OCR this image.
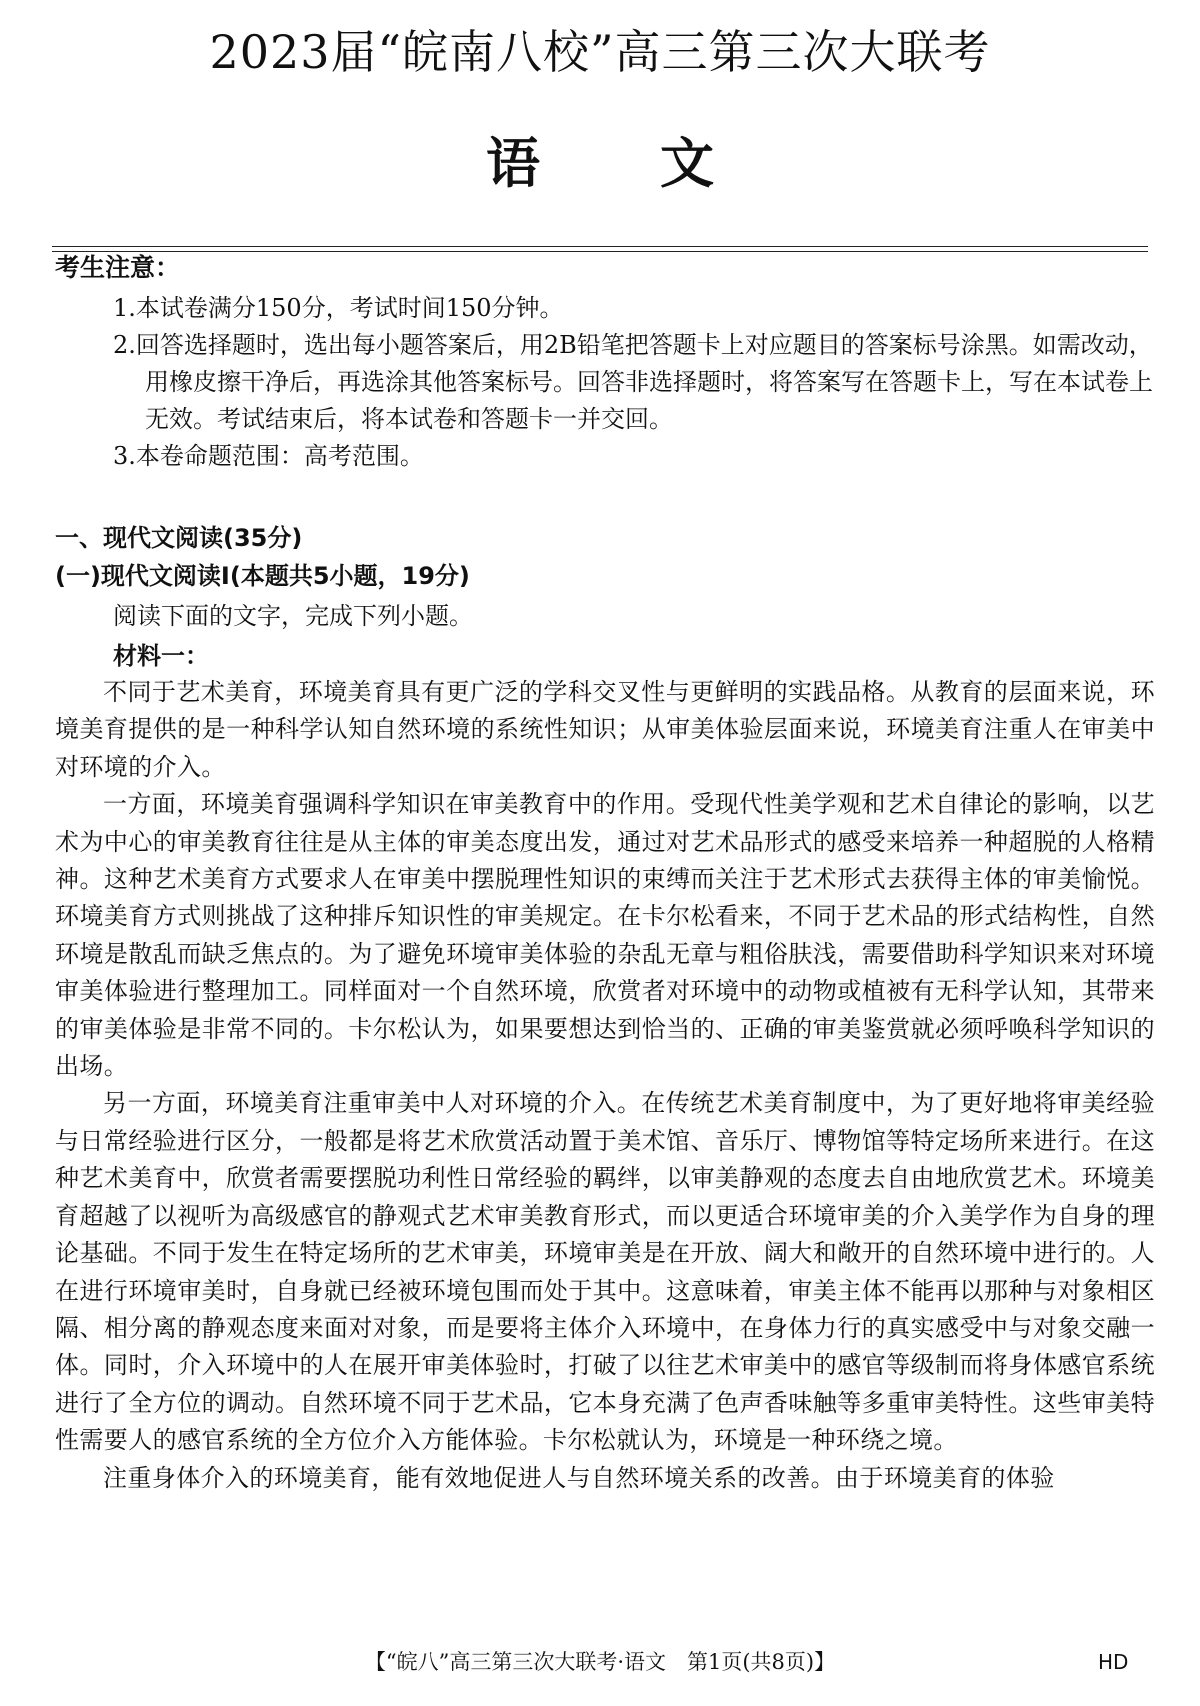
2023届“皖南八校”高三第三次大联考
语文
考生注意：
1.本试卷满分150分，考试时间150分钟。
2.回答选择题时，选出每小题答案后，用2B铅笔把答题卡上对应题目的答案标号涂黑。如需改动，用橡皮擦干净后，再选涂其他答案标号。回答非选择题时，将答案写在答题卡上，写在本试卷上无效。考试结束后，将本试卷和答题卡一并交回。
3.本卷命题范围：高考范围。
一、现代文阅读(35分)
(一)现代文阅读Ⅰ(本题共5小题，19分)
阅读下面的文字，完成下列小题。
材料一：

不同于艺术美育，环境美育具有更广泛的学科交叉性与更鲜明的实践品格。从教育的层面来说，环境美育提供的是一种科学认知自然环境的系统性知识；从审美体验层面来说，环境美育注重人在审美中对环境的介入。

一方面，环境美育强调科学知识在审美教育中的作用。受现代性美学观和艺术自律论的影响，以艺术为中心的审美教育往往是从主体的审美态度出发，通过对艺术品形式的感受来培养一种超脱的人格精神。这种艺术美育方式要求人在审美中摆脱理性知识的束缚而关注于艺术形式去获得主体的审美愉悦。环境美育方式则挑战了这种排斥知识性的审美规定。在卡尔松看来，不同于艺术品的形式结构性，自然环境是散乱而缺乏焦点的。为了避免环境审美体验的杂乱无章与粗俗肤浅，需要借助科学知识来对环境审美体验进行整理加工。同样面对一个自然环境，欣赏者对环境中的动物或植被有无科学认知，其带来的审美体验是非常不同的。卡尔松认为，如果要想达到恰当的、正确的审美鉴赏就必须呼唤科学知识的出场。

另一方面，环境美育注重审美中人对环境的介入。在传统艺术美育制度中，为了更好地将审美经验与日常经验进行区分，一般都是将艺术欣赏活动置于美术馆、音乐厅、博物馆等特定场所来进行。在这种艺术美育中，欣赏者需要摆脱功利性日常经验的羁绊，以审美静观的态度去自由地欣赏艺术。环境美育超越了以视听为高级感官的静观式艺术审美教育形式，而以更适合环境审美的介入美学作为自身的理论基础。不同于发生在特定场所的艺术审美，环境审美是在开放、阔大和敞开的自然环境中进行的。人在进行环境审美时，自身就已经被环境包围而处于其中。这意味着，审美主体不能再以那种与对象相区隔、相分离的静观态度来面对对象，而是要将主体介入环境中，在身体力行的真实感受中与对象交融一体。同时，介入环境中的人在展开审美体验时，打破了以往艺术审美中的感官等级制而将身体感官系统进行了全方位的调动。自然环境不同于艺术品，它本身充满了色声香味触等多重审美特性。这些审美特性需要人的感官系统的全方位介入方能体验。卡尔松就认为，环境是一种环绕之境。

注重身体介入的环境美育，能有效地促进人与自然环境关系的改善。由于环境美育的体验

【“皖八”高三第三次大联考·语文　第1页(共8页)】	HD
